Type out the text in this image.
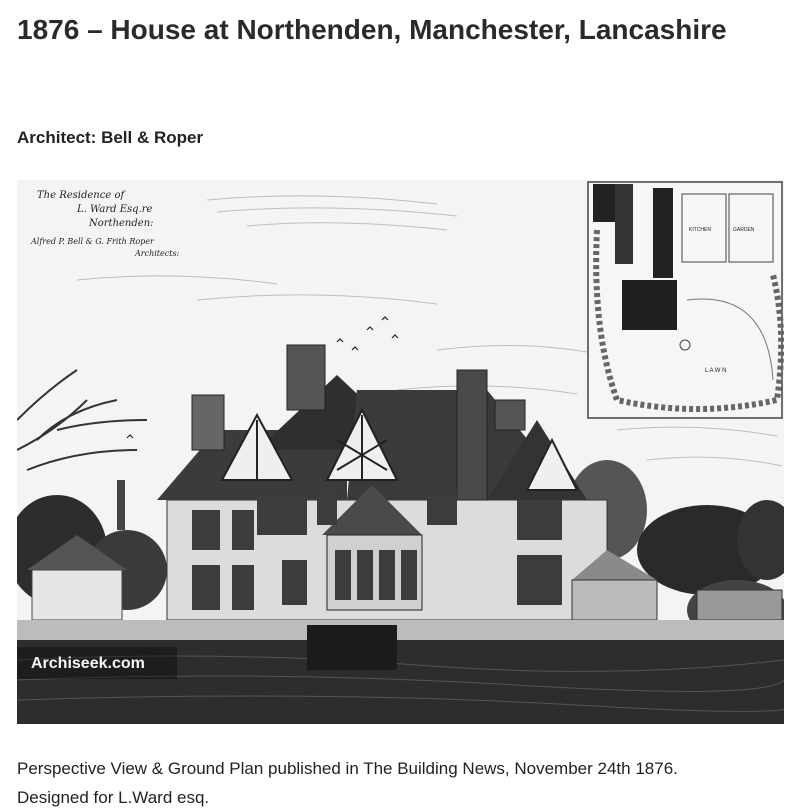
1876 – House at Northenden, Manchester, Lancashire

Architect: Bell & Roper

Archiseek.com
The Residence of
L. Ward Esq.re
Northenden:
Alfred P. Bell & G. Frith Roper
Architects:
STAB.
KITCHEN	GARDEN
L A W N
Perspective View & Ground Plan published in The Building News, November 24th 1876.
Designed for L.Ward esq.
